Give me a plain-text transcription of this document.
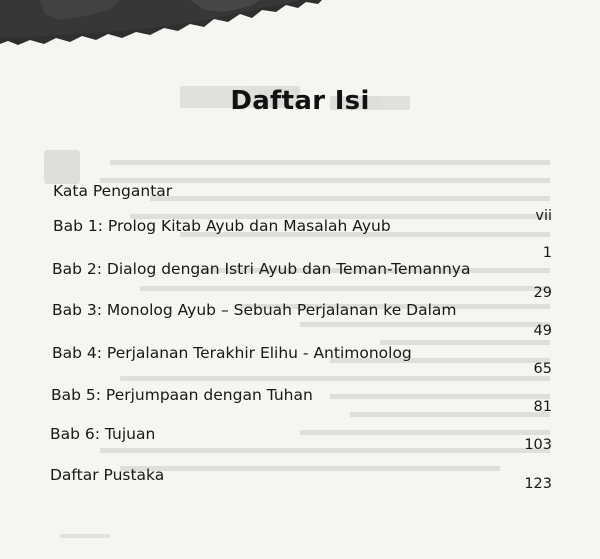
Daftar Isi
Kata Pengantar
vii
Bab 1: Prolog Kitab Ayub dan Masalah Ayub
1
Bab 2: Dialog dengan Istri Ayub dan Teman-Temannya
29
Bab 3: Monolog Ayub – Sebuah Perjalanan ke Dalam
49
Bab 4: Perjalanan Terakhir Elihu - Antimonolog
65
Bab 5: Perjumpaan dengan Tuhan
81
Bab 6: Tujuan
103
Daftar Pustaka	123
